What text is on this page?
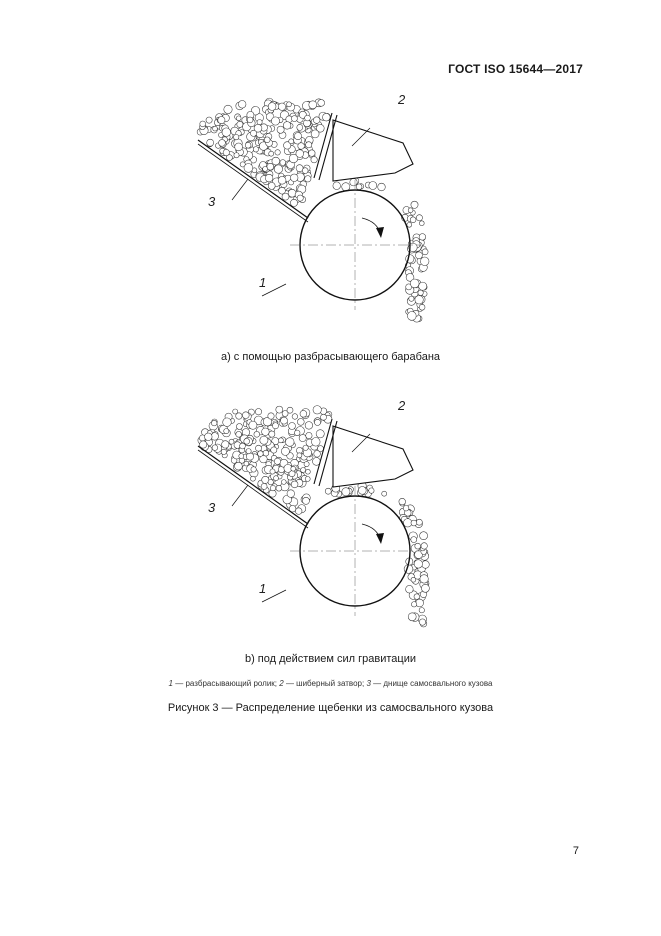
ГОСТ ISO 15644—2017
2
1
3
a) с помощью разбрасывающего барабана
2
1
3
b) под действием сил гравитации
1 — разбрасывающий ролик; 2 — шиберный затвор; 3 — днище самосвального кузова
Рисунок 3 — Распределение щебенки из самосвального кузова
7
